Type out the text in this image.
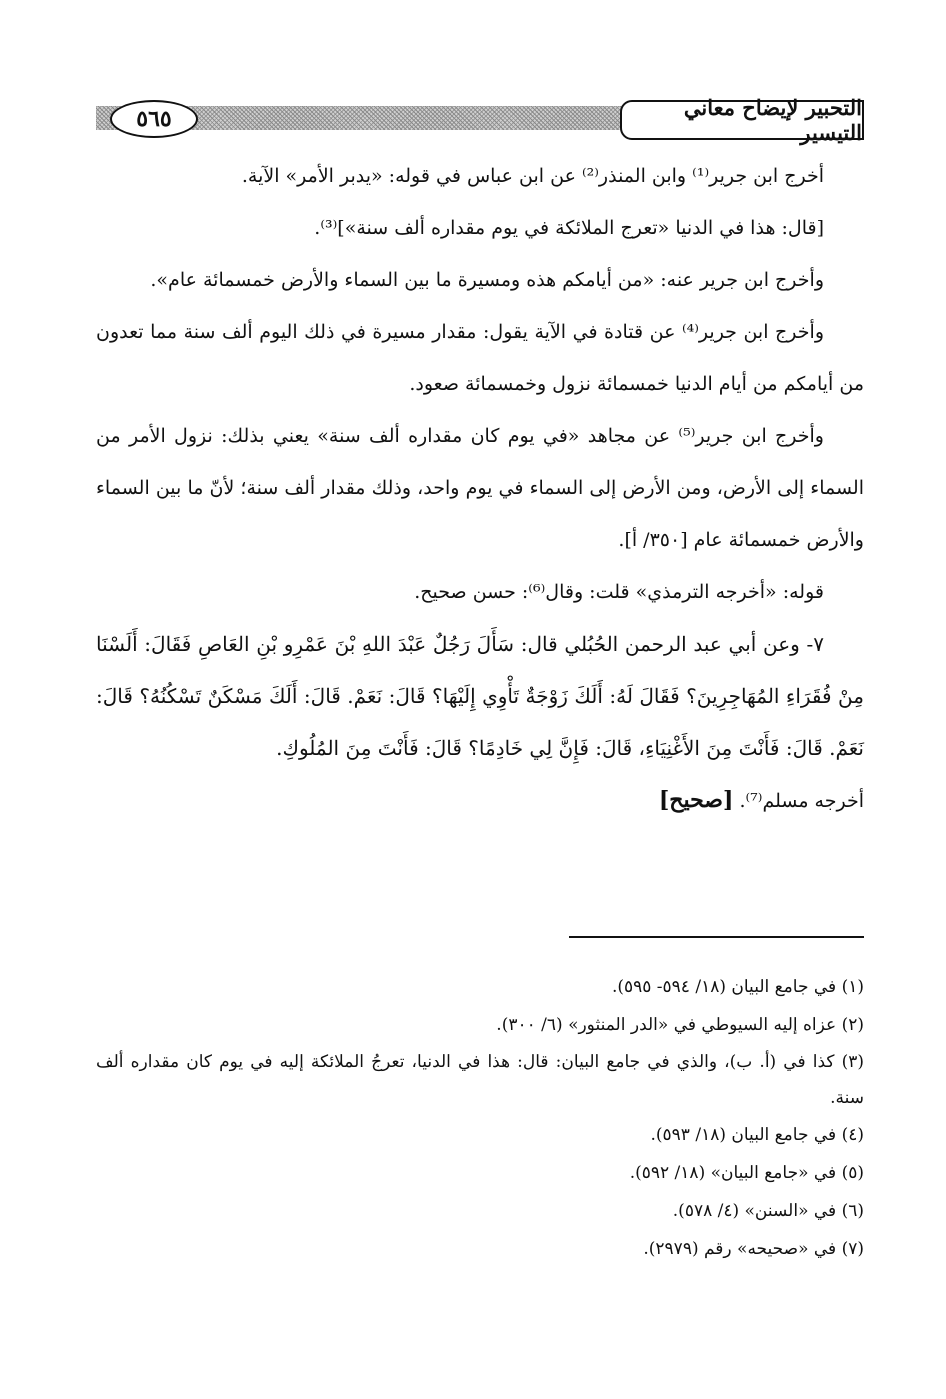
التحبير لإيضاح معاني التيسير
٥٦٥

أخرج ابن جرير⁽¹⁾ وابن المنذر⁽²⁾ عن ابن عباس في قوله: «يدبر الأمر» الآية.

[قال: هذا في الدنيا «تعرج الملائكة في يوم مقداره ألف سنة»]⁽³⁾.

وأخرج ابن جرير عنه: «من أيامكم هذه ومسيرة ما بين السماء والأرض خمسمائة عام».

وأخرج ابن جرير⁽⁴⁾ عن قتادة في الآية يقول: مقدار مسيرة في ذلك اليوم ألف سنة مما تعدون من أيامكم من أيام الدنيا خمسمائة نزول وخمسمائة صعود.

وأخرج ابن جرير⁽⁵⁾ عن مجاهد «في يوم كان مقداره ألف سنة» يعني بذلك: نزول الأمر من السماء إلى الأرض، ومن الأرض إلى السماء في يوم واحد، وذلك مقدار ألف سنة؛ لأنّ ما بين السماء والأرض خمسمائة عام [٣٥٠/ أ].

قوله: «أخرجه الترمذي» قلت: وقال⁽⁶⁾: حسن صحيح.

٧- وعن أبي عبد الرحمن الحُبُلي قال: سَأَلَ رَجُلٌ عَبْدَ اللهِ بْنَ عَمْرِو بْنِ العَاصِ فَقَالَ: أَلَسْنَا مِنْ فُقَرَاءِ المُهَاجِرِينَ؟ فَقَالَ لَهُ: أَلَكَ زَوْجَةٌ تَأْوِي إِلَيْهَا؟ قَالَ: نَعَمْ. قَالَ: أَلَكَ مَسْكَنٌ تَسْكُنُهُ؟ قَالَ: نَعَمْ. قَالَ: فَأَنْتَ مِنَ الأَغْنِيَاءِ، قَالَ: فَإِنَّ لِي خَادِمًا؟ قَالَ: فَأَنْتَ مِنَ المُلُوكِ.

أخرجه مسلم⁽⁷⁾. [صحيح]

(١) في جامع البيان (١٨/ ٥٩٤- ٥٩٥).

(٢) عزاه إليه السيوطي في «الدر المنثور» (٦/ ٣٠٠).

(٣) كذا في (أ. ب)، والذي في جامع البيان: قال: هذا في الدنيا، تعرجُ الملائكة إليه في يوم كان مقداره ألف سنة.

(٤) في جامع البيان (١٨/ ٥٩٣).

(٥) في «جامع البيان» (١٨/ ٥٩٢).

(٦) في «السنن» (٤/ ٥٧٨).

(٧) في «صحيحه» رقم (٢٩٧٩).
